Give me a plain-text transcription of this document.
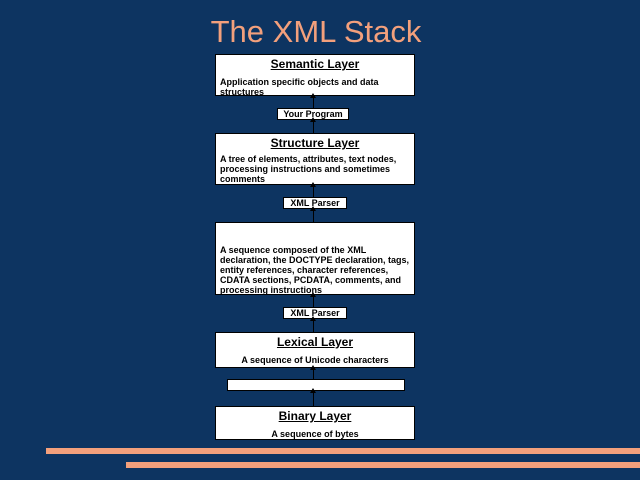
The XML Stack
Semantic Layer
Application specific objects and data structures
Your Program
Structure Layer
A tree of elements, attributes, text nodes, processing instructions and sometimes comments
XML Parser
A sequence composed of the XML declaration, the DOCTYPE declaration, tags, entity references, character references, CDATA sections, PCDATA, comments, and processing instructions
XML Parser
Lexical Layer
A sequence of Unicode characters
Binary Layer
A sequence of bytes
